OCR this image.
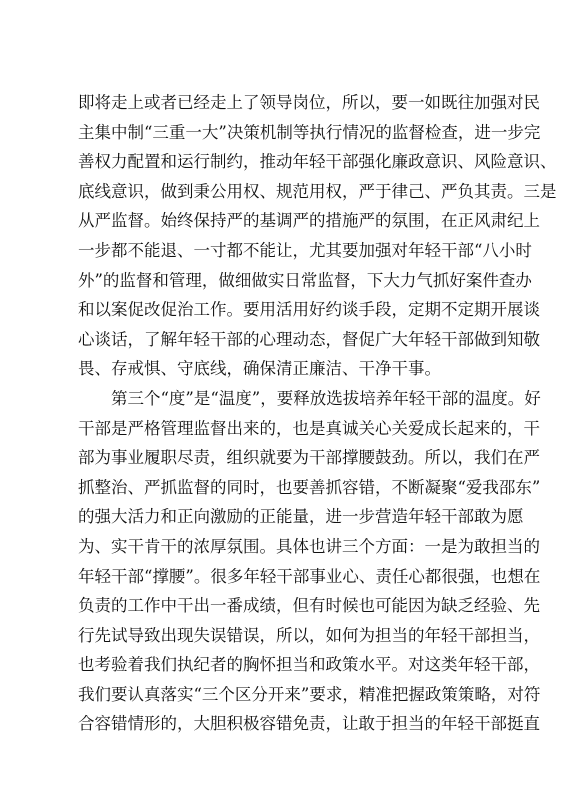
即将走上或者已经走上了领导岗位，所以，要一如既往加强对民
主集中制“三重一大”决策机制等执行情况的监督检查，进一步完
善权力配置和运行制约，推动年轻干部强化廉政意识、风险意识、
底线意识，做到秉公用权、规范用权，严于律己、严负其责。三是
从严监督。始终保持严的基调严的措施严的氛围，在正风肃纪上
一步都不能退、一寸都不能让，尤其要加强对年轻干部“八小时
外”的监督和管理，做细做实日常监督，下大力气抓好案件查办
和以案促改促治工作。要用活用好约谈手段，定期不定期开展谈
心谈话，了解年轻干部的心理动态，督促广大年轻干部做到知敬
畏、存戒惧、守底线，确保清正廉洁、干净干事。
　　第三个“度”是“温度”，要释放选拔培养年轻干部的温度。好
干部是严格管理监督出来的，也是真诚关心关爱成长起来的，干
部为事业履职尽责，组织就要为干部撑腰鼓劲。所以，我们在严
抓整治、严抓监督的同时，也要善抓容错，不断凝聚“爱我邵东”
的强大活力和正向激励的正能量，进一步营造年轻干部敢为愿
为、实干肯干的浓厚氛围。具体也讲三个方面：一是为敢担当的
年轻干部“撑腰”。很多年轻干部事业心、责任心都很强，也想在
负责的工作中干出一番成绩，但有时候也可能因为缺乏经验、先
行先试导致出现失误错误，所以，如何为担当的年轻干部担当，
也考验着我们执纪者的胸怀担当和政策水平。对这类年轻干部，
我们要认真落实“三个区分开来”要求，精准把握政策策略，对符
合容错情形的，大胆积极容错免责，让敢于担当的年轻干部挺直
